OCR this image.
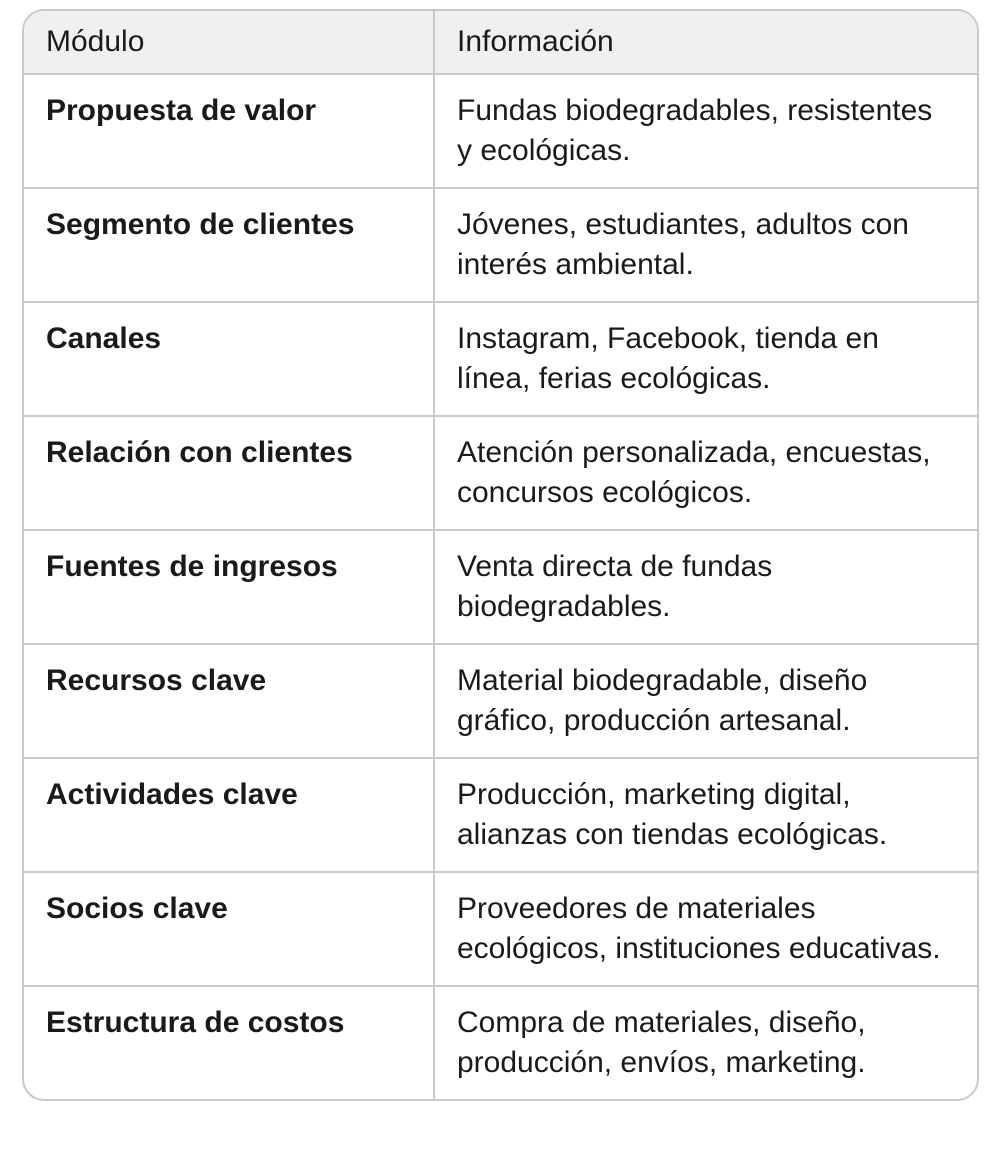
Módulo	Información
Propuesta de valor	Fundas biodegradables, resistentes y ecológicas.
Segmento de clientes	Jóvenes, estudiantes, adultos con interés ambiental.
Canales	Instagram, Facebook, tienda en línea, ferias ecológicas.
Relación con clientes	Atención personalizada, encuestas, concursos ecológicos.
Fuentes de ingresos	Venta directa de fundas biodegradables.
Recursos clave	Material biodegradable, diseño gráfico, producción artesanal.
Actividades clave	Producción, marketing digital, alianzas con tiendas ecológicas.
Socios clave	Proveedores de materiales ecológicos, instituciones educativas.
Estructura de costos	Compra de materiales, diseño, producción, envíos, marketing.
